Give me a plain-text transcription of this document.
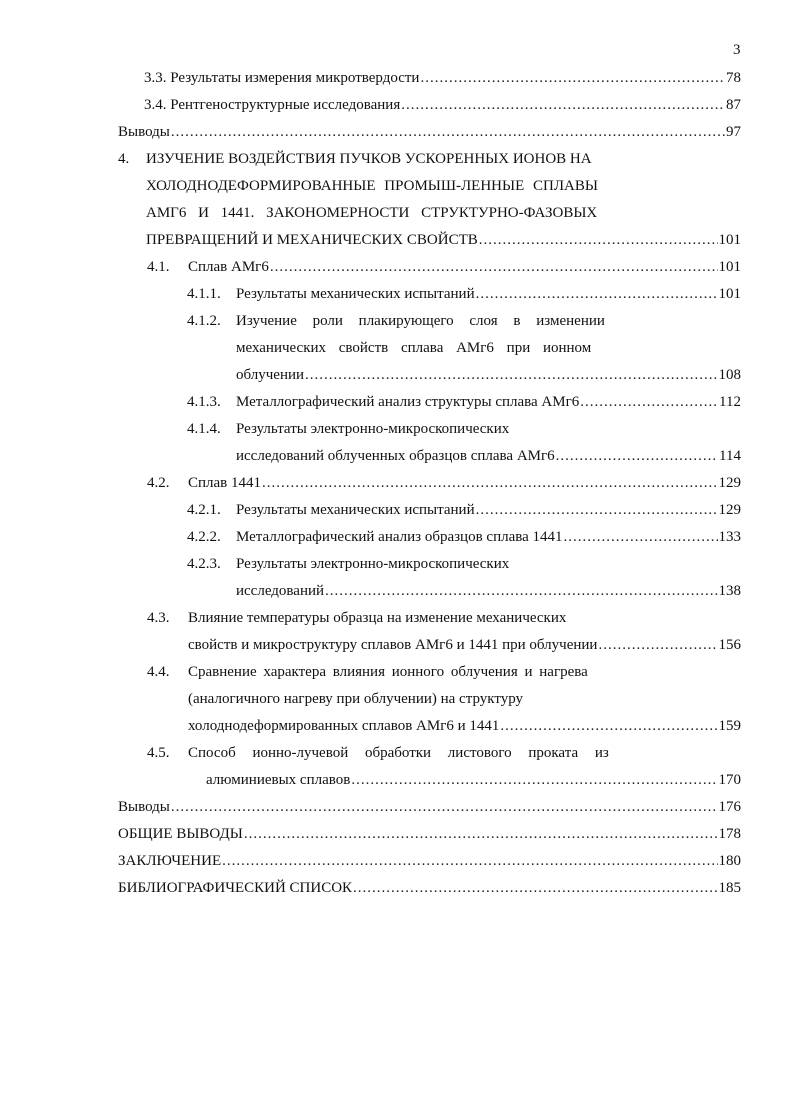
3
3.3. Результаты измерения микротвердости .....	78
3.4. Рентгеноструктурные исследования .....	87
Выводы .....	97
4. ИЗУЧЕНИЕ ВОЗДЕЙСТВИЯ ПУЧКОВ УСКОРЕННЫХ ИОНОВ НА
ХОЛОДНОДЕФОРМИРОВАННЫЕ ПРОМЫШ-ЛЕННЫЕ СПЛАВЫ
АМГ6 И 1441. ЗАКОНОМЕРНОСТИ СТРУКТУРНО-ФАЗОВЫХ
ПРЕВРАЩЕНИЙ И МЕХАНИЧЕСКИХ СВОЙСТВ .....	101
4.1.	Сплав АМг6 .....	101
4.1.1.	Результаты механических испытаний .....	101
4.1.2. Изучение роли плакирующего слоя в изменении
механических свойств сплава АМг6 при ионном
облучении .....	108
4.1.3.	Металлографический анализ структуры сплава АМг6 .....	112
4.1.4. Результаты электронно-микроскопических
исследований облученных образцов сплава АМг6 .....	114
4.2.	Сплав 1441 .....	129
4.2.1.	Результаты механических испытаний .....	129
4.2.2.	Металлографический анализ образцов сплава 1441 .....	133
4.2.3. Результаты электронно-микроскопических
исследований .....	138
4.3. Влияние температуры образца на изменение механических
свойств и микроструктуру сплавов АМг6 и 1441 при облучении .....	156
4.4. Сравнение характера влияния ионного облучения и нагрева
(аналогичного нагреву при облучении) на структуру
холоднодеформированных сплавов АМг6 и 1441 .....	159
4.5. Способ ионно-лучевой обработки листового проката из
алюминиевых сплавов .....	170
Выводы .....	176
ОБЩИЕ ВЫВОДЫ .....	178
ЗАКЛЮЧЕНИЕ .....	180
БИБЛИОГРАФИЧЕСКИЙ СПИСОК .....	185
